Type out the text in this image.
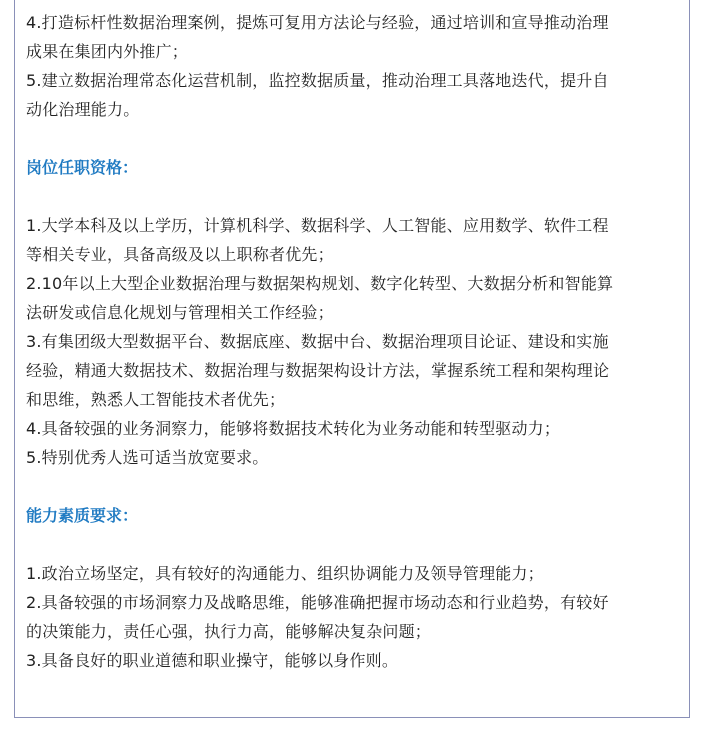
4.打造标杆性数据治理案例，提炼可复用方法论与经验，通过培训和宣导推动治理
成果在集团内外推广；
5.建立数据治理常态化运营机制，监控数据质量，推动治理工具落地迭代，提升自
动化治理能力。
岗位任职资格：
1.大学本科及以上学历，计算机科学、数据科学、人工智能、应用数学、软件工程
等相关专业，具备高级及以上职称者优先；
2.10年以上大型企业数据治理与数据架构规划、数字化转型、大数据分析和智能算
法研发或信息化规划与管理相关工作经验；
3.有集团级大型数据平台、数据底座、数据中台、数据治理项目论证、建设和实施
经验，精通大数据技术、数据治理与数据架构设计方法，掌握系统工程和架构理论
和思维，熟悉人工智能技术者优先；
4.具备较强的业务洞察力，能够将数据技术转化为业务动能和转型驱动力；
5.特别优秀人选可适当放宽要求。
能力素质要求：
1.政治立场坚定，具有较好的沟通能力、组织协调能力及领导管理能力；
2.具备较强的市场洞察力及战略思维，能够准确把握市场动态和行业趋势，有较好
的决策能力，责任心强，执行力高，能够解决复杂问题；
3.具备良好的职业道德和职业操守，能够以身作则。
